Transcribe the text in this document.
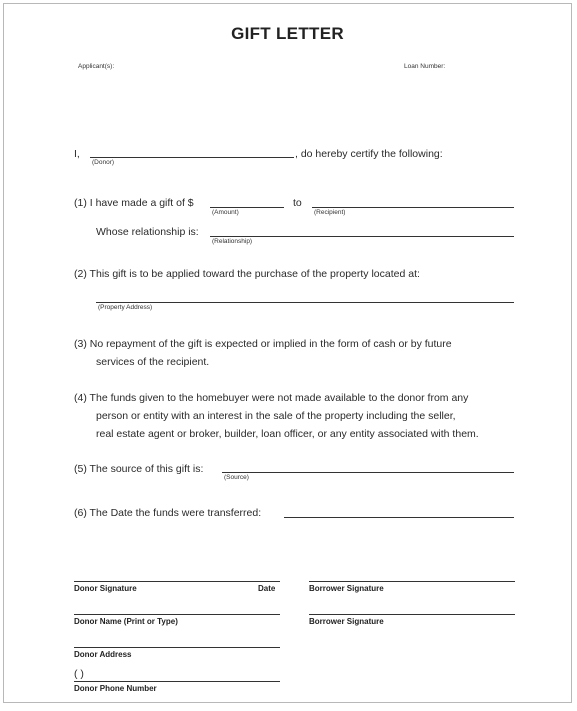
GIFT LETTER
Applicant(s):	Loan Number:
I,
(Donor)
, do hereby certify the following:
(1) I have made a gift of $
(Amount)
to
(Recipient)
Whose relationship is:
(Relationship)
(2) This gift is to be applied toward the purchase of the property located at:
(Property Address)
(3) No repayment of the gift is expected or implied in the form of cash or by future
services of the recipient.
(4) The funds given to the homebuyer were not made available to the donor from any
person or entity with an interest in the sale of the property including the seller,
real estate agent or broker, builder, loan officer, or any entity associated with them.
(5) The source of this gift is:
(Source)
(6) The Date the funds were transferred:
Donor Signature	Date	Borrower Signature
Donor Name (Print or Type)	Borrower Signature
Donor Address
( )
Donor Phone Number
